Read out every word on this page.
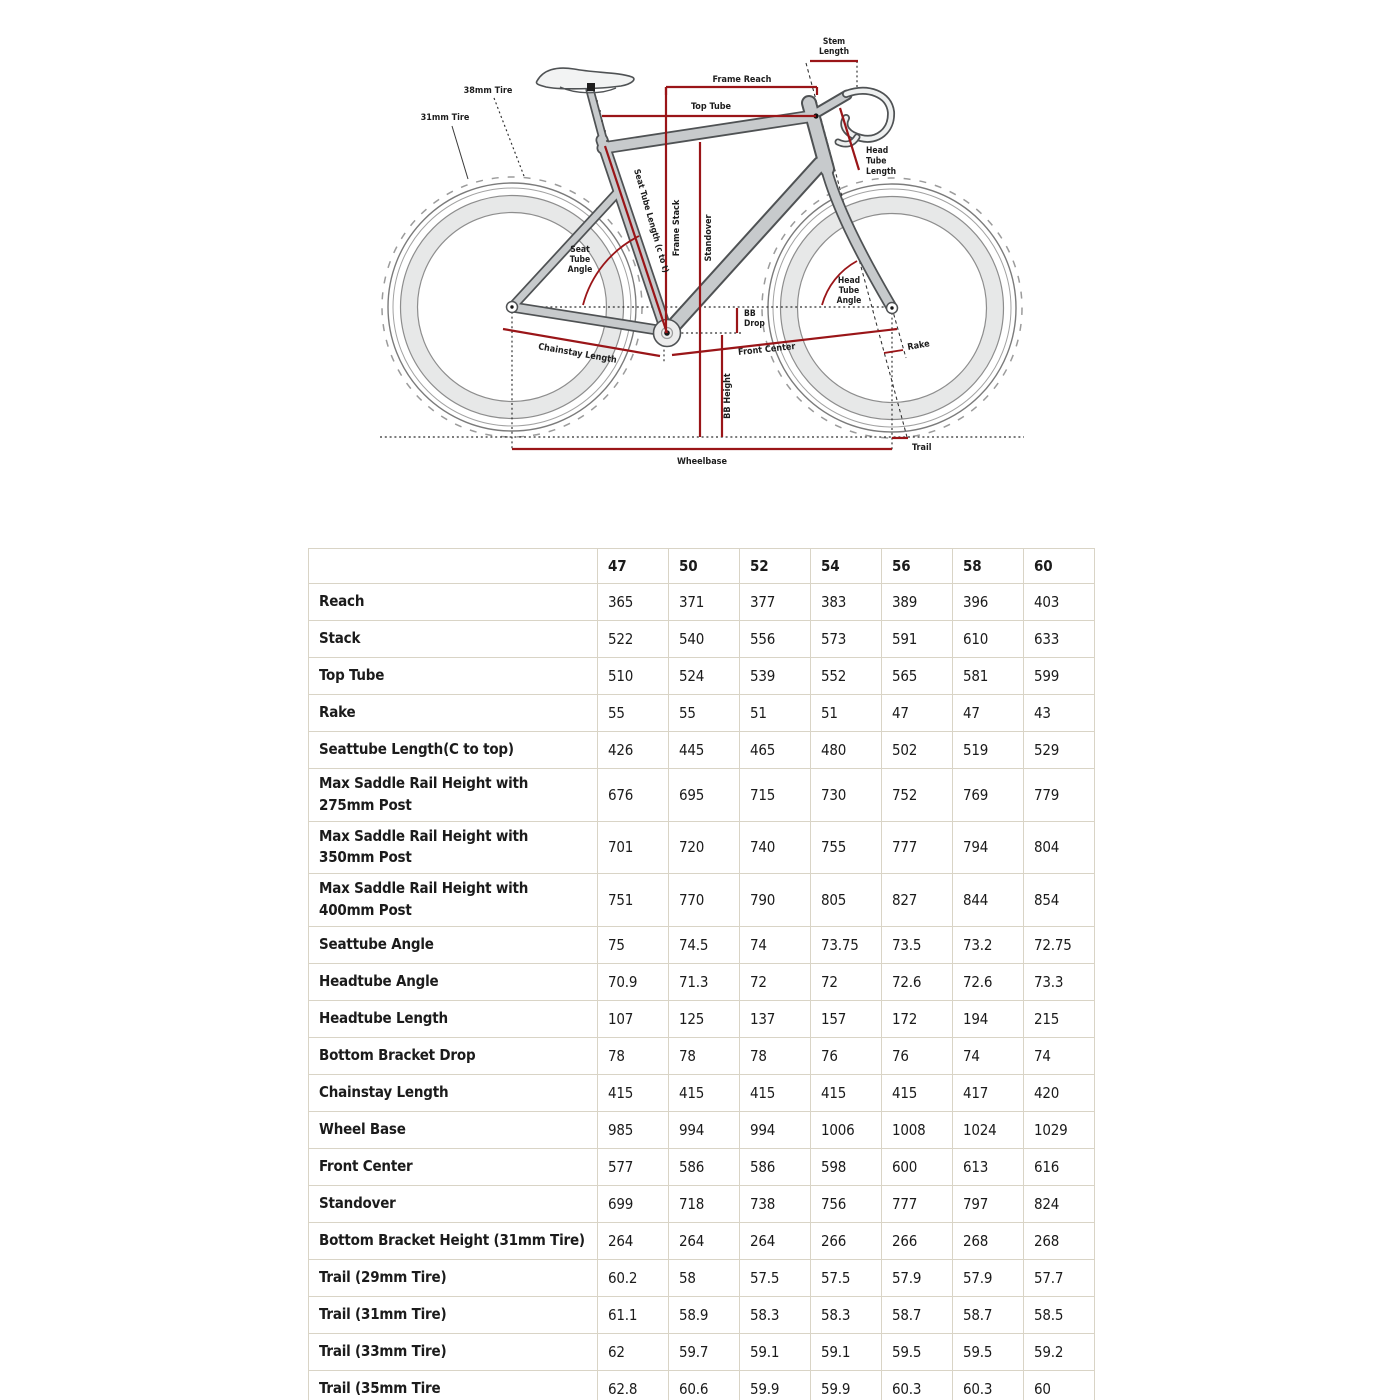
Stem Length
Frame Reach
Top Tube
Head Tube Length
38mm Tire
31mm Tire
Seat Tube Length (c to t) Frame Stack Standover
Seat Tube Angle
Head Tube Angle
BB Drop
Chainstay Length	Front Center	Rake
BB Height
Wheelbase
Trail
	47	50	52	54	56	58	60
Reach	365	371	377	383	389	396	403
Stack	522	540	556	573	591	610	633
Top Tube	510	524	539	552	565	581	599
Rake	55	55	51	51	47	47	43
Seattube Length(C to top)	426	445	465	480	502	519	529
Max Saddle Rail Height with 275mm Post	676	695	715	730	752	769	779
Max Saddle Rail Height with 350mm Post	701	720	740	755	777	794	804
Max Saddle Rail Height with 400mm Post	751	770	790	805	827	844	854
Seattube Angle	75	74.5	74	73.75	73.5	73.2	72.75
Headtube Angle	70.9	71.3	72	72	72.6	72.6	73.3
Headtube Length	107	125	137	157	172	194	215
Bottom Bracket Drop	78	78	78	76	76	74	74
Chainstay Length	415	415	415	415	415	417	420
Wheel Base	985	994	994	1006	1008	1024	1029
Front Center	577	586	586	598	600	613	616
Standover	699	718	738	756	777	797	824
Bottom Bracket Height (31mm Tire)	264	264	264	266	266	268	268
Trail (29mm Tire)	60.2	58	57.5	57.5	57.9	57.9	57.7
Trail (31mm Tire)	61.1	58.9	58.3	58.3	58.7	58.7	58.5
Trail (33mm Tire)	62	59.7	59.1	59.1	59.5	59.5	59.2
Trail (35mm Tire	62.8	60.6	59.9	59.9	60.3	60.3	60
